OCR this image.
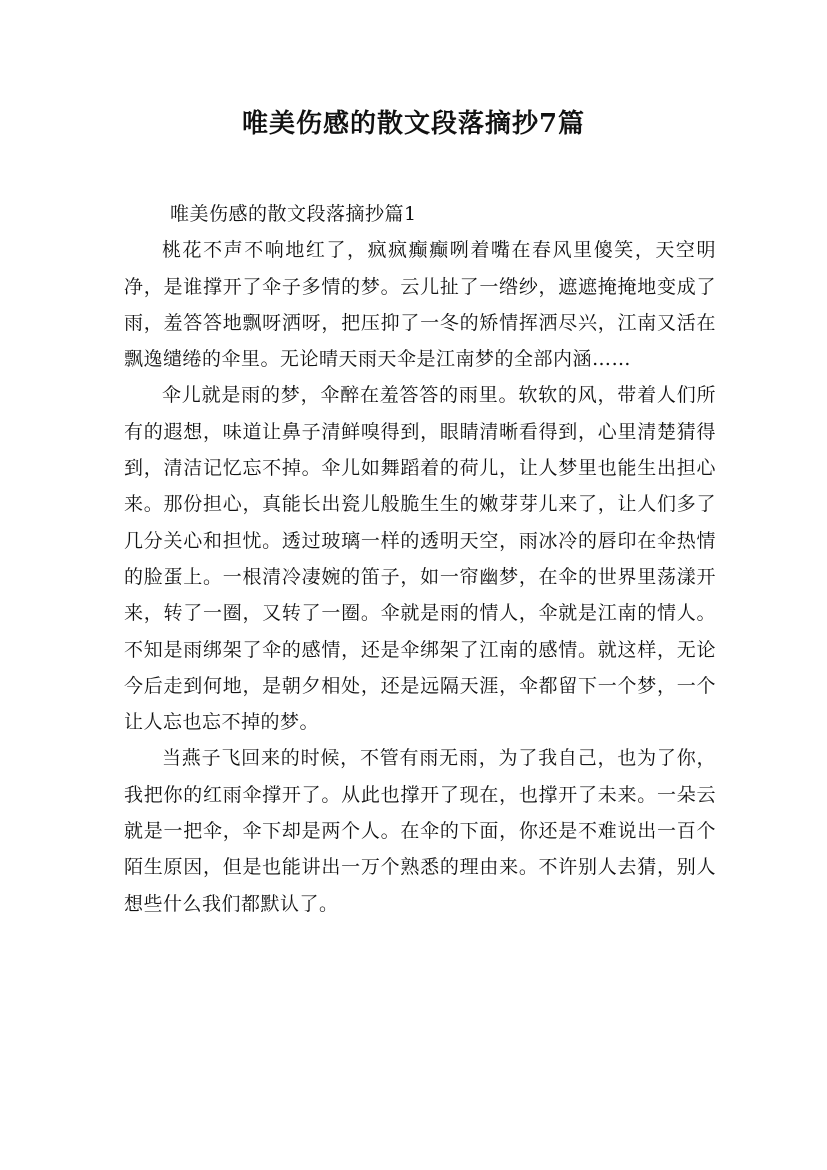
唯美伤感的散文段落摘抄7篇
唯美伤感的散文段落摘抄篇1

桃花不声不响地红了，疯疯癫癫咧着嘴在春风里傻笑，天空明净，是谁撑开了伞子多情的梦。云儿扯了一绺纱，遮遮掩掩地变成了雨，羞答答地飘呀洒呀，把压抑了一冬的矫情挥洒尽兴，江南又活在飘逸缱绻的伞里。无论晴天雨天伞是江南梦的全部内涵……

伞儿就是雨的梦，伞醉在羞答答的雨里。软软的风，带着人们所有的遐想，味道让鼻子清鲜嗅得到，眼睛清晰看得到，心里清楚猜得到，清洁记忆忘不掉。伞儿如舞蹈着的荷儿，让人梦里也能生出担心来。那份担心，真能长出瓷儿般脆生生的嫩芽芽儿来了，让人们多了几分关心和担忧。透过玻璃一样的透明天空，雨冰冷的唇印在伞热情的脸蛋上。一根清冷凄婉的笛子，如一帘幽梦，在伞的世界里荡漾开来，转了一圈，又转了一圈。伞就是雨的情人，伞就是江南的情人。不知是雨绑架了伞的感情，还是伞绑架了江南的感情。就这样，无论今后走到何地，是朝夕相处，还是远隔天涯，伞都留下一个梦，一个让人忘也忘不掉的梦。

当燕子飞回来的时候，不管有雨无雨，为了我自己，也为了你，我把你的红雨伞撑开了。从此也撑开了现在，也撑开了未来。一朵云就是一把伞，伞下却是两个人。在伞的下面，你还是不难说出一百个陌生原因，但是也能讲出一万个熟悉的理由来。不许别人去猜，别人想些什么我们都默认了。
